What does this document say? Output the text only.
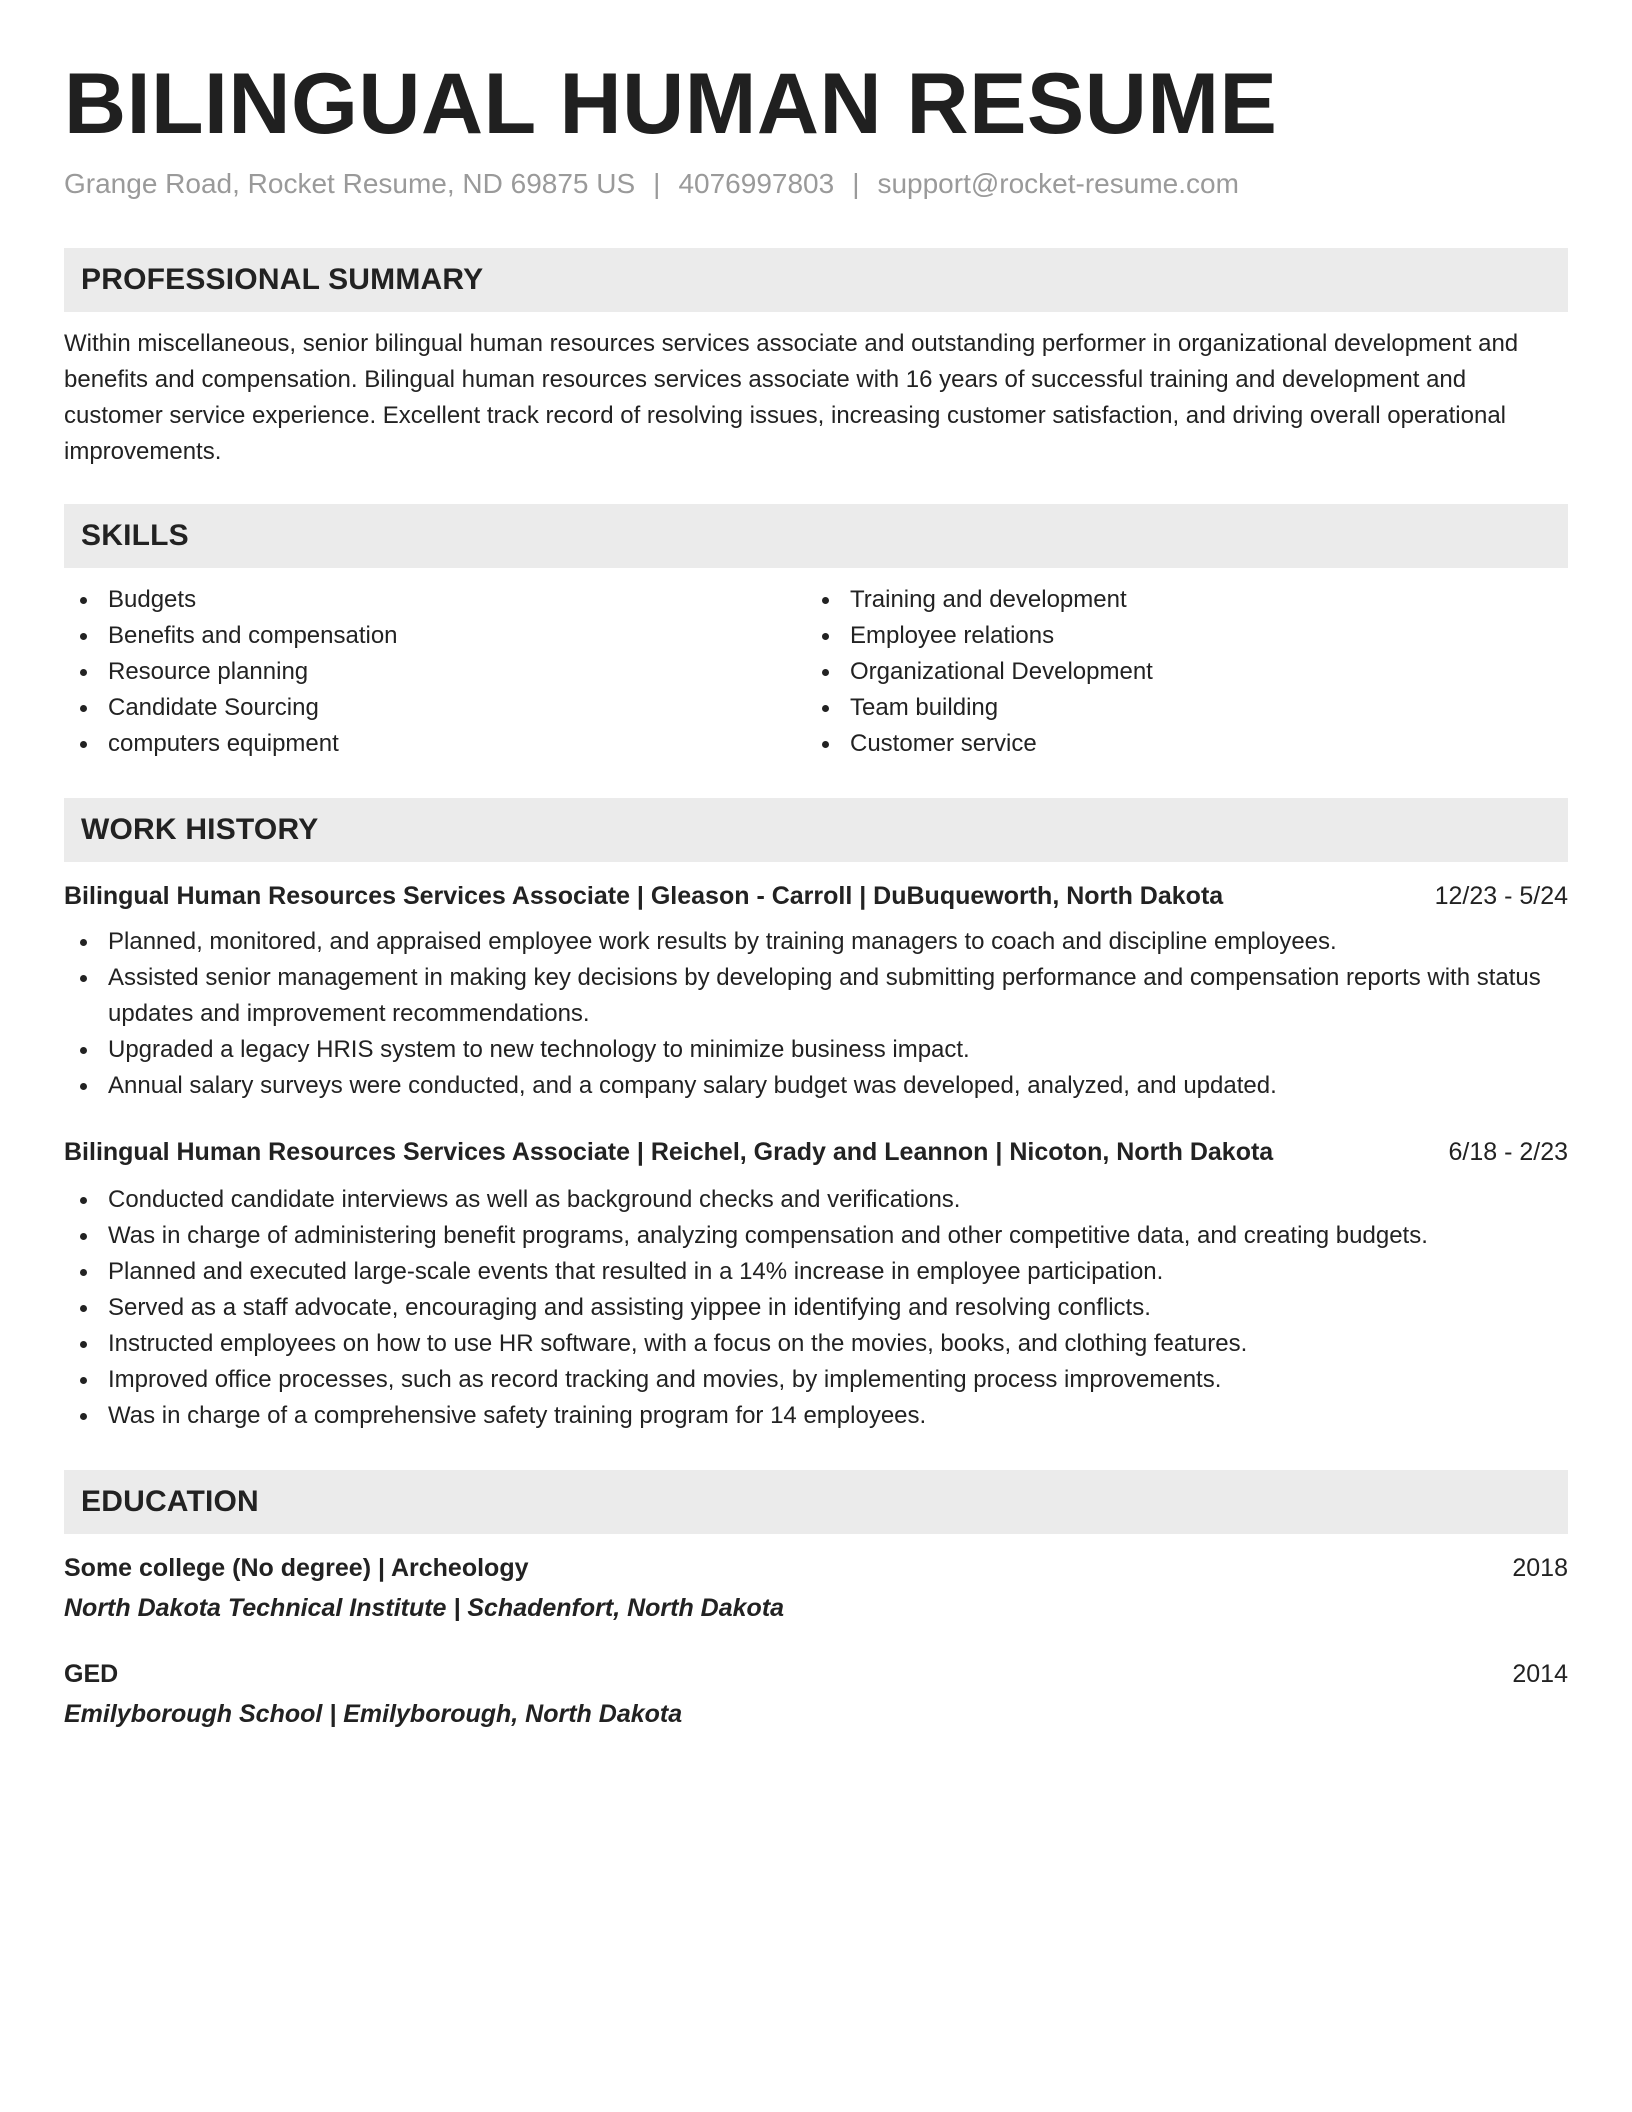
BILINGUAL HUMAN RESUME
Grange Road, Rocket Resume, ND 69875 US | 4076997803 | support@rocket-resume.com
PROFESSIONAL SUMMARY

Within miscellaneous, senior bilingual human resources services associate and outstanding performer in organizational development and benefits and compensation. Bilingual human resources services associate with 16 years of successful training and development and customer service experience. Excellent track record of resolving issues, increasing customer satisfaction, and driving overall operational improvements.

SKILLS
Budgets
Benefits and compensation
Resource planning
Candidate Sourcing
computers equipment
Training and development
Employee relations
Organizational Development
Team building
Customer service
WORK HISTORY
Bilingual Human Resources Services Associate | Gleason - Carroll | DuBuqueworth, North Dakota	12/23 - 5/24
Planned, monitored, and appraised employee work results by training managers to coach and discipline employees.
Assisted senior management in making key decisions by developing and submitting performance and compensation reports with status updates and improvement recommendations.
Upgraded a legacy HRIS system to new technology to minimize business impact.
Annual salary surveys were conducted, and a company salary budget was developed, analyzed, and updated.
Bilingual Human Resources Services Associate | Reichel, Grady and Leannon | Nicoton, North Dakota	6/18 - 2/23
Conducted candidate interviews as well as background checks and verifications.
Was in charge of administering benefit programs, analyzing compensation and other competitive data, and creating budgets.
Planned and executed large-scale events that resulted in a 14% increase in employee participation.
Served as a staff advocate, encouraging and assisting yippee in identifying and resolving conflicts.
Instructed employees on how to use HR software, with a focus on the movies, books, and clothing features.
Improved office processes, such as record tracking and movies, by implementing process improvements.
Was in charge of a comprehensive safety training program for 14 employees.
EDUCATION
Some college (No degree) | Archeology	2018
North Dakota Technical Institute | Schadenfort, North Dakota
GED	2014
Emilyborough School | Emilyborough, North Dakota
